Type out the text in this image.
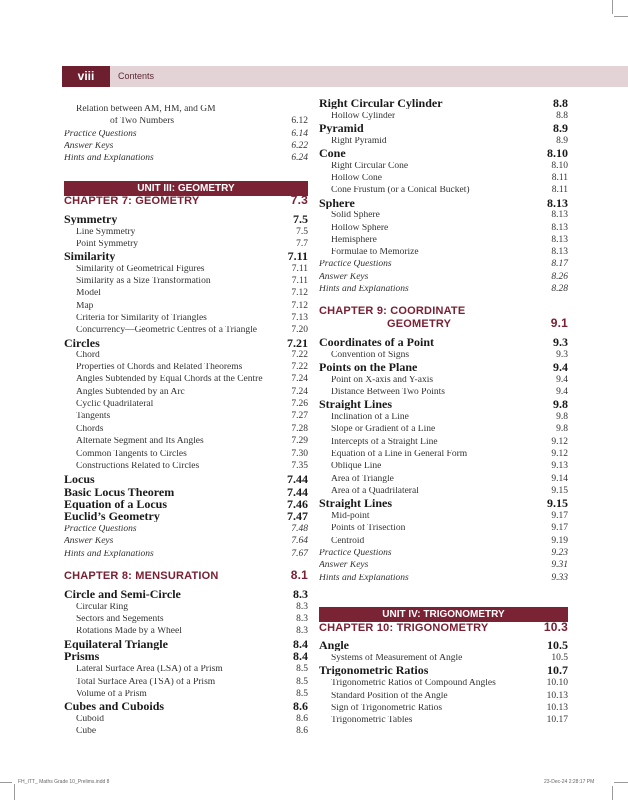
viii	Contents
Relation between AM, HM, and GM
of Two Numbers	6.12
Practice Questions	6.14
Answer Keys	6.22
Hints and Explanations	6.24
UNIT III: GEOMETRY
CHAPTER 7: GEOMETRY	7.3
Symmetry	7.5
Line Symmetry	7.5
Point Symmetry	7.7
Similarity	7.11
Similarity of Geometrical Figures	7.11
Similarity as a Size Transformation	7.11
Model	7.12
Map	7.12
Criteria for Similarity of Triangles	7.13
Concurrency—Geometric Centres of a Triangle	7.20
Circles	7.21
Chord	7.22
Properties of Chords and Related Theorems	7.22
Angles Subtended by Equal Chords at the Centre	7.24
Angles Subtended by an Arc	7.24
Cyclic Quadrilateral	7.26
Tangents	7.27
Chords	7.28
Alternate Segment and Its Angles	7.29
Common Tangents to Circles	7.30
Constructions Related to Circles	7.35
Locus	7.44
Basic Locus Theorem	7.44
Equation of a Locus	7.46
Euclid’s Geometry	7.47
Practice Questions	7.48
Answer Keys	7.64
Hints and Explanations	7.67
CHAPTER 8: MENSURATION	8.1
Circle and Semi-Circle	8.3
Circular Ring	8.3
Sectors and Segements	8.3
Rotations Made by a Wheel	8.3
Equilateral Triangle	8.4
Prisms	8.4
Lateral Surface Area (LSA) of a Prism	8.5
Total Surface Area (TSA) of a Prism	8.5
Volume of a Prism	8.5
Cubes and Cuboids	8.6
Cuboid	8.6
Cube	8.6
Right Circular Cylinder	8.8
Hollow Cylinder	8.8
Pyramid	8.9
Right Pyramid	8.9
Cone	8.10
Right Circular Cone	8.10
Hollow Cone	8.11
Cone Frustum (or a Conical Bucket)	8.11
Sphere	8.13
Solid Sphere	8.13
Hollow Sphere	8.13
Hemisphere	8.13
Formulae to Memorize	8.13
Practice Questions	8.17
Answer Keys	8.26
Hints and Explanations	8.28
CHAPTER 9: COORDINATE
GEOMETRY	9.1
Coordinates of a Point	9.3
Convention of Signs	9.3
Points on the Plane	9.4
Point on X-axis and Y-axis	9.4
Distance Between Two Points	9.4
Straight Lines	9.8
Inclination of a Line	9.8
Slope or Gradient of a Line	9.8
Intercepts of a Straight Line	9.12
Equation of a Line in General Form	9.12
Oblique Line	9.13
Area of Triangle	9.14
Area of a Quadrilateral	9.15
Straight Lines	9.15
Mid-point	9.17
Points of Trisection	9.17
Centroid	9.19
Practice Questions	9.23
Answer Keys	9.31
Hints and Explanations	9.33
UNIT IV: TRIGONOMETRY
CHAPTER 10: TRIGONOMETRY	10.3
Angle	10.5
Systems of Measurement of Angle	10.5
Trigonometric Ratios	10.7
Trigonometric Ratios of Compound Angles	10.10
Standard Position of the Angle	10.13
Sign of Trigonometric Ratios	10.13
Trigonometric Tables	10.17
FH_ITT_ Maths Grade 10_Prelims.indd 8	23-Dec-24 2:28:17 PM
